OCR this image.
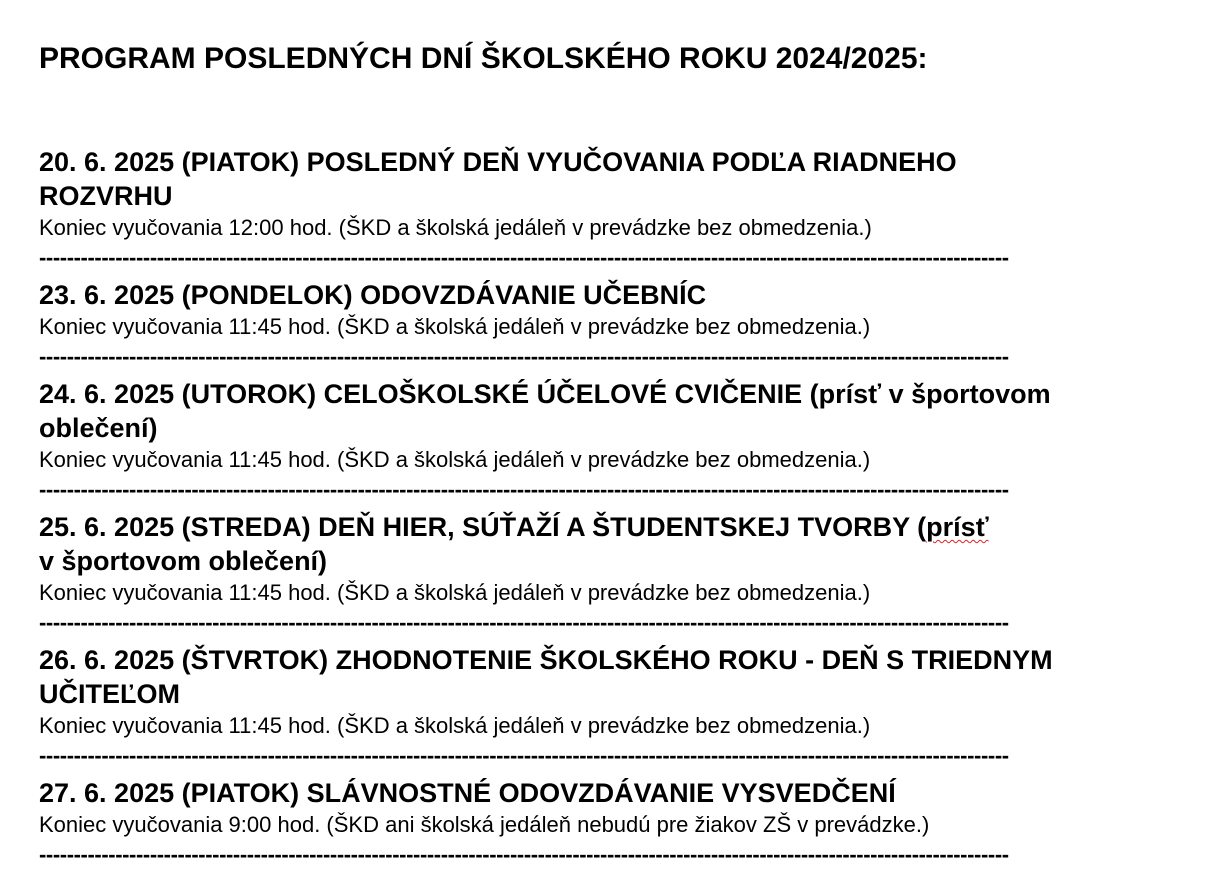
PROGRAM POSLEDNÝCH DNÍ ŠKOLSKÉHO ROKU 2024/2025:

20. 6. 2025 (PIATOK) POSLEDNÝ DEŇ VYUČOVANIA PODĽA RIADNEHO
ROZVRHU

Koniec vyučovania 12:00 hod. (ŠKD a školská jedáleň v prevádzke bez obmedzenia.)

--------------------------------------------------------------------------------------------------------------------------------------------

23. 6. 2025 (PONDELOK) ODOVZDÁVANIE UČEBNÍC

Koniec vyučovania 11:45 hod. (ŠKD a školská jedáleň v prevádzke bez obmedzenia.)

--------------------------------------------------------------------------------------------------------------------------------------------

24. 6. 2025 (UTOROK) CELOŠKOLSKÉ ÚČELOVÉ CVIČENIE (prísť v športovom
oblečení)

Koniec vyučovania 11:45 hod. (ŠKD a školská jedáleň v prevádzke bez obmedzenia.)

--------------------------------------------------------------------------------------------------------------------------------------------

25. 6. 2025 (STREDA) DEŇ HIER, SÚŤAŽÍ A ŠTUDENTSKEJ TVORBY (prísť
v športovom oblečení)

Koniec vyučovania 11:45 hod. (ŠKD a školská jedáleň v prevádzke bez obmedzenia.)

--------------------------------------------------------------------------------------------------------------------------------------------

26. 6. 2025 (ŠTVRTOK) ZHODNOTENIE ŠKOLSKÉHO ROKU - DEŇ S TRIEDNYM
UČITEĽOM

Koniec vyučovania 11:45 hod. (ŠKD a školská jedáleň v prevádzke bez obmedzenia.)

--------------------------------------------------------------------------------------------------------------------------------------------

27. 6. 2025 (PIATOK) SLÁVNOSTNÉ ODOVZDÁVANIE VYSVEDČENÍ

Koniec vyučovania 9:00 hod. (ŠKD ani školská jedáleň nebudú pre žiakov ZŠ v prevádzke.)

--------------------------------------------------------------------------------------------------------------------------------------------
